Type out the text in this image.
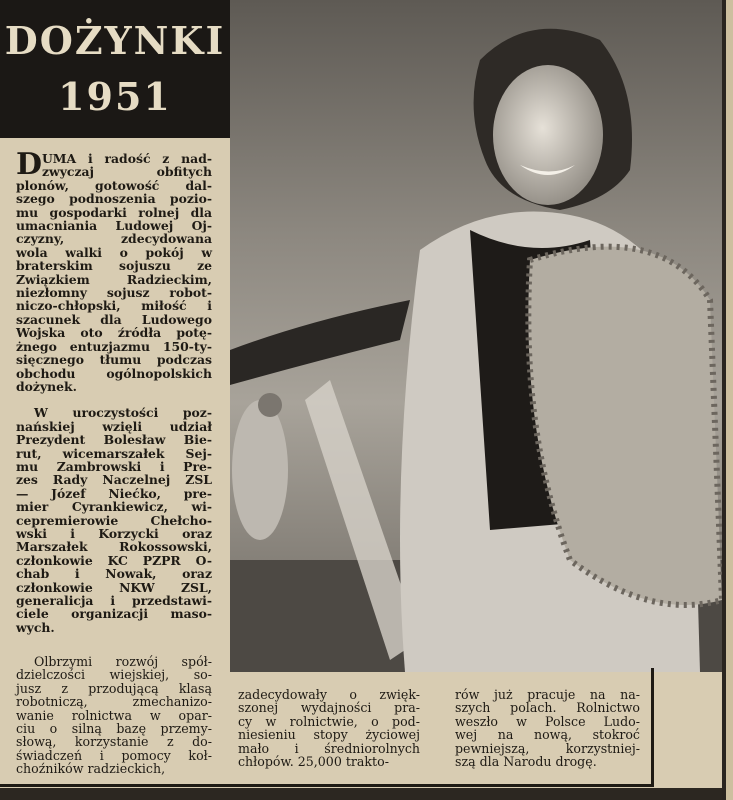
DOŻYNKI
1951
D UMA i radość z nad-
zwyczaj obfitych
plonów, gotowość dal-
szego podnoszenia pozio-
mu gospodarki rolnej dla
umacniania Ludowej Oj-
czyzny, zdecydowana
wola walki o pokój w
braterskim sojuszu ze
Związkiem Radzieckim,
niezłomny sojusz robot-
niczo-chłopski, miłość i
szacunek dla Ludowego
Wojska oto źródła potę-
żnego entuzjazmu 150-ty-
sięcznego tłumu podczas
obchodu ogólnopolskich
dożynek.
W uroczystości poz-
nańskiej wzięli udział
Prezydent Bolesław Bie-
rut, wicemarszałek Sej-
mu Zambrowski i Pre-
zes Rady Naczelnej ZSL
— Józef Niećko, pre-
mier Cyrankiewicz, wi-
cepremierowie Chełcho-
wski i Korzycki oraz
Marszałek Rokossowski,
członkowie KC PZPR O-
chab i Nowak, oraz
członkowie NKW ZSL,
generalicja i przedstawi-
ciele organizacji maso-
wych.
Olbrzymi rozwój spół-
dzielczości wiejskiej, so-
jusz z przodującą klasą
robotniczą, zmechanizo-
wanie rolnictwa w opar-
ciu o silną bazę przemy-
słową, korzystanie z do-
świadczeń i pomocy koł-
choźników radzieckich,
zadecydowały o zwięk-
szonej wydajności pra-
cy w rolnictwie, o pod-
niesieniu stopy życiowej
mało i średniorolnych
chłopów. 25,000 trakto-
rów już pracuje na na-
szych polach. Rolnictwo
weszło w Polsce Ludo-
wej na nową, stokroć
pewniejszą, korzystniej-
szą dla Narodu drogę.
